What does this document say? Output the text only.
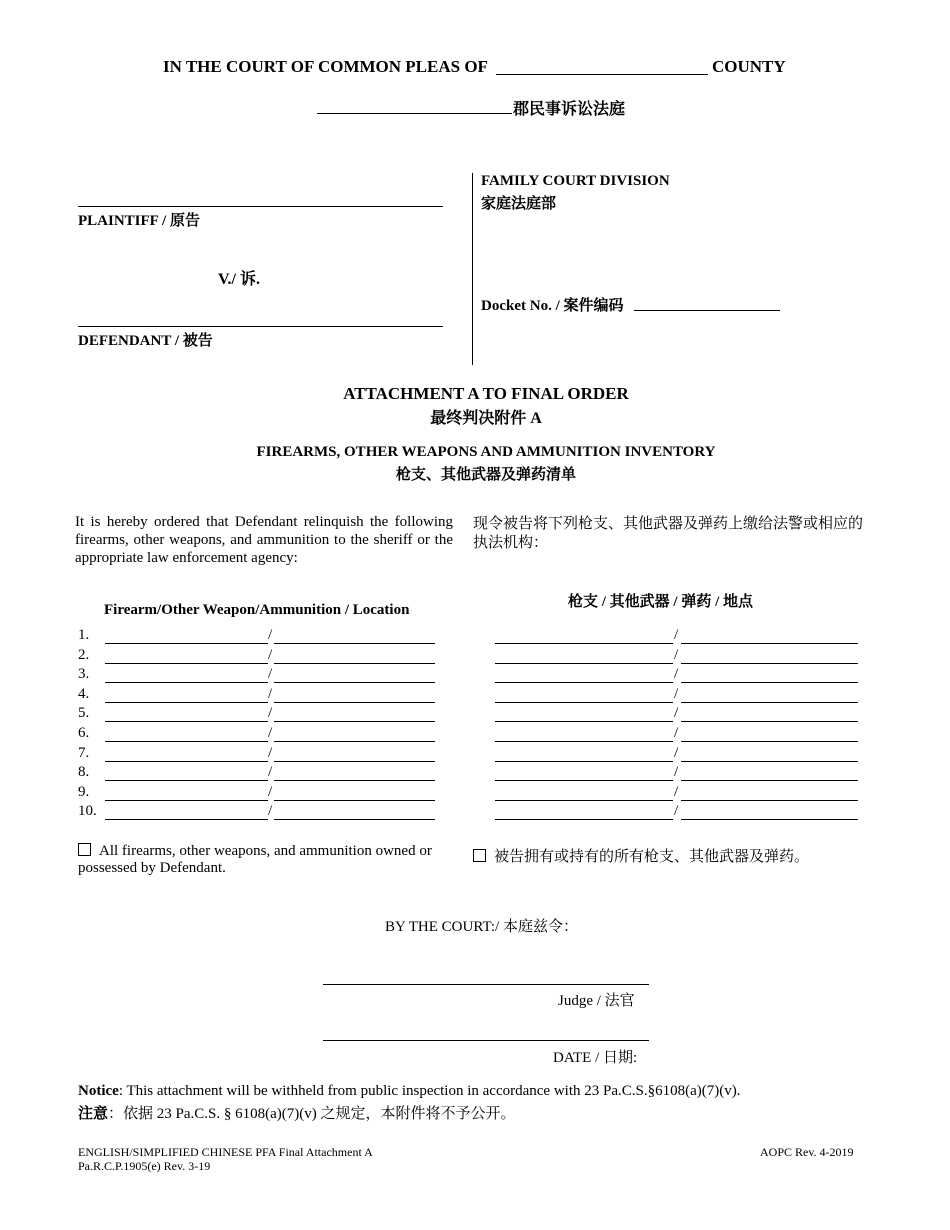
IN THE COURT OF COMMON PLEAS OF	COUNTY
郡民事诉讼法庭
PLAINTIFF / 原告
V./ 诉.
DEFENDANT / 被告
FAMILY COURT DIVISION
家庭法庭部
Docket No. / 案件编码
ATTACHMENT A TO FINAL ORDER
最终判决附件 A
FIREARMS, OTHER WEAPONS AND AMMUNITION INVENTORY
枪支、其他武器及弹药清单
It is hereby ordered that Defendant relinquish the following firearms, other weapons, and ammunition to the sheriff or the appropriate law enforcement agency:
现令被告将下列枪支、其他武器及弹药上缴给法警或相应的执法机构：
Firearm/Other Weapon/Ammunition / Location	枪支 / 其他武器 / 弹药 / 地点
1.	/	/
2.	/	/
3.	/	/
4.	/	/
5.	/	/
6.	/	/
7.	/	/
8.	/	/
9.	/	/
10.	/	/
All firearms, other weapons, and ammunition owned or possessed by Defendant.
被告拥有或持有的所有枪支、其他武器及弹药。
BY THE COURT:/ 本庭兹令：
Judge / 法官
DATE / 日期:
Notice: This attachment will be withheld from public inspection in accordance with 23 Pa.C.S.§6108(a)(7)(v).
注意：依据 23 Pa.C.S. § 6108(a)(7)(v) 之规定，本附件将不予公开。
ENGLISH/SIMPLIFIED CHINESE PFA Final Attachment A
Pa.R.C.P.1905(e) Rev. 3-19
AOPC Rev. 4-2019
